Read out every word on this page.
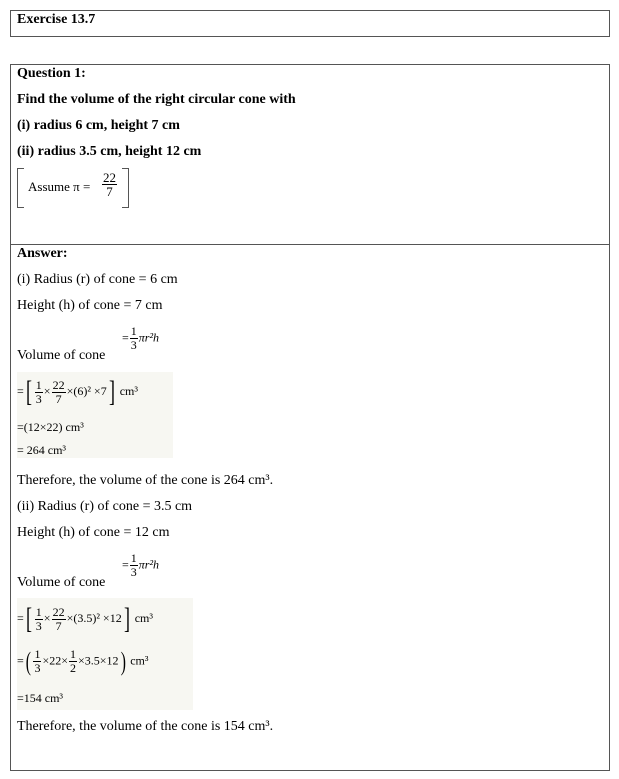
Exercise 13.7
Question 1:
Find the volume of the right circular cone with
(i) radius 6 cm, height 7 cm
(ii) radius 3.5 cm, height 12 cm
Assume $\pi = \frac{22}{7}$
Answer:
(i) Radius (r) of cone = 6 cm
Height (h) of cone = 7 cm
Volume of cone
= $\frac{1}{3} \pi r^2h$
=[ $\frac{1}{3} \times \frac{22}{7} \times(6)^2 \times 7$] cm³
=(12×22) cm³
= 264 cm³
Therefore, the volume of the cone is 264 cm³.
(ii) Radius (r) of cone = 3.5 cm
Height (h) of cone = 12 cm
Volume of cone
= $\frac{1}{3} \pi r^2h$
=[ $\frac{1}{3} \times \frac{22}{7} \times(3.5)^2 \times 12$] cm³
=( $\frac{1}{3} \times 22\times \frac{1}{2} \times 3.5\times 12$) cm³
=154 cm³
Therefore, the volume of the cone is 154 cm³.
